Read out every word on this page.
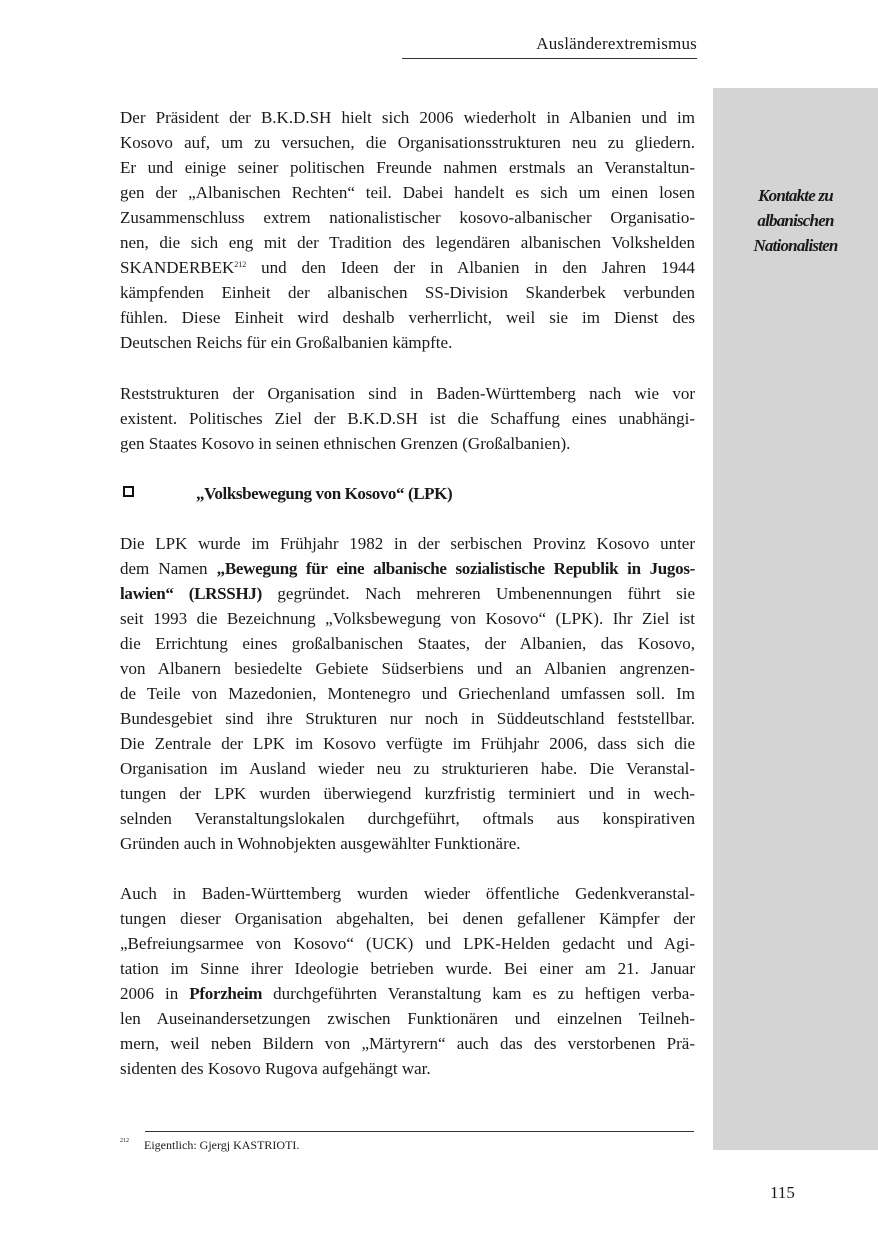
Ausländerextremismus
Kontakte zu
albanischen
Nationalisten
Der Präsident der B.K.D.SH hielt sich 2006 wiederholt in Albanien und im
Kosovo auf, um zu versuchen, die Organisationsstrukturen neu zu gliedern.
Er und einige seiner politischen Freunde nahmen erstmals an Veranstaltun-
gen der „Albanischen Rechten“ teil. Dabei handelt es sich um einen losen
Zusammenschluss extrem nationalistischer kosovo-albanischer Organisatio-
nen, die sich eng mit der Tradition des legendären albanischen Volkshelden
SKANDERBEK$^{212}$ und den Ideen der in Albanien in den Jahren 1944
kämpfenden Einheit der albanischen SS-Division Skanderbek verbunden
fühlen. Diese Einheit wird deshalb verherrlicht, weil sie im Dienst des
Deutschen Reichs für ein Großalbanien kämpfte.
Reststrukturen der Organisation sind in Baden-Württemberg nach wie vor
existent. Politisches Ziel der B.K.D.SH ist die Schaffung eines unabhängi-
gen Staates Kosovo in seinen ethnischen Grenzen (Großalbanien).
„Volksbewegung von Kosovo“ (LPK)
Die LPK wurde im Frühjahr 1982 in der serbischen Provinz Kosovo unter
dem Namen „Bewegung für eine albanische sozialistische Republik in Jugos-
lawien“ (LRSSHJ) gegründet. Nach mehreren Umbenennungen führt sie
seit 1993 die Bezeichnung „Volksbewegung von Kosovo“ (LPK). Ihr Ziel ist
die Errichtung eines großalbanischen Staates, der Albanien, das Kosovo,
von Albanern besiedelte Gebiete Südserbiens und an Albanien angrenzen-
de Teile von Mazedonien, Montenegro und Griechenland umfassen soll. Im
Bundesgebiet sind ihre Strukturen nur noch in Süddeutschland feststellbar.
Die Zentrale der LPK im Kosovo verfügte im Frühjahr 2006, dass sich die
Organisation im Ausland wieder neu zu strukturieren habe. Die Veranstal-
tungen der LPK wurden überwiegend kurzfristig terminiert und in wech-
selnden Veranstaltungslokalen durchgeführt, oftmals aus konspirativen
Gründen auch in Wohnobjekten ausgewählter Funktionäre.
Auch in Baden-Württemberg wurden wieder öffentliche Gedenkveranstal-
tungen dieser Organisation abgehalten, bei denen gefallener Kämpfer der
„Befreiungsarmee von Kosovo“ (UCK) und LPK-Helden gedacht und Agi-
tation im Sinne ihrer Ideologie betrieben wurde. Bei einer am 21. Januar
2006 in Pforzheim durchgeführten Veranstaltung kam es zu heftigen verba-
len Auseinandersetzungen zwischen Funktionären und einzelnen Teilneh-
mern, weil neben Bildern von „Märtyrern“ auch das des verstorbenen Prä-
sidenten des Kosovo Rugova aufgehängt war.
212 Eigentlich: Gjergj KASTRIOTI.
115
